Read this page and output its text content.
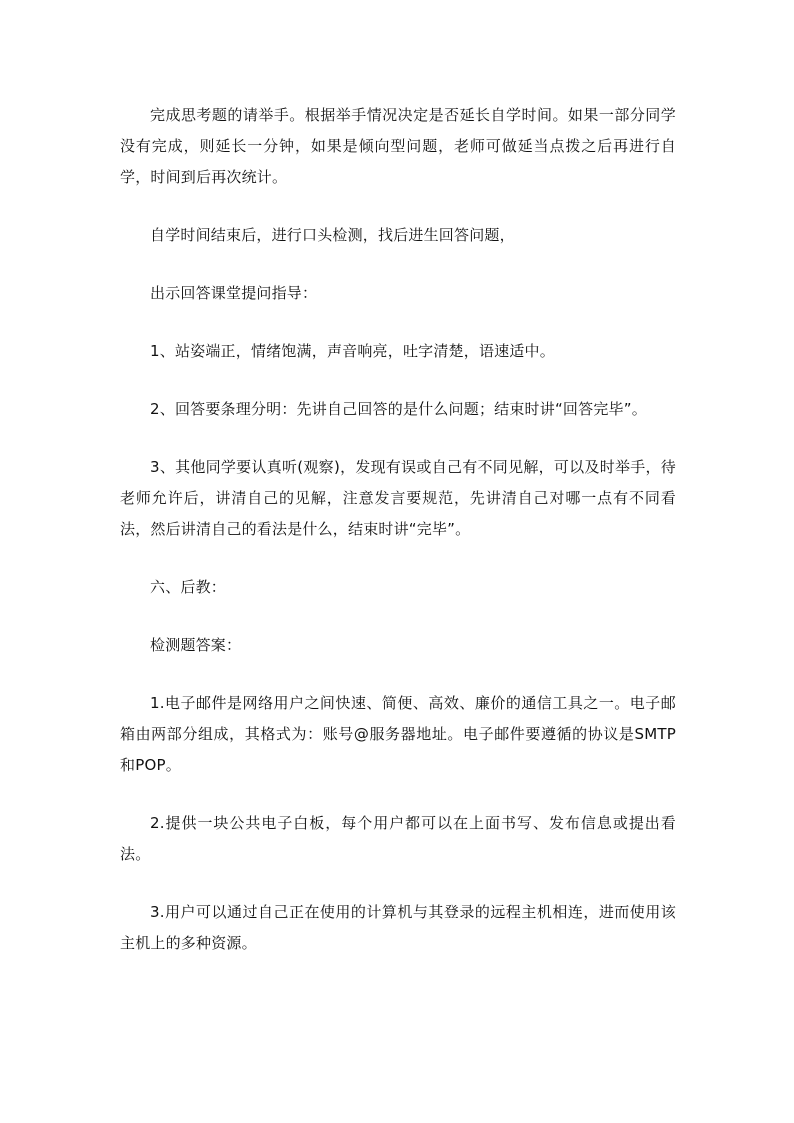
完成思考题的请举手。根据举手情况决定是否延长自学时间。如果一部分同学没有完成，则延长一分钟，如果是倾向型问题，老师可做延当点拨之后再进行自学，时间到后再次统计。

自学时间结束后，进行口头检测，找后进生回答问题，

出示回答课堂提问指导：

1、站姿端正，情绪饱满，声音响亮，吐字清楚，语速适中。

2、回答要条理分明：先讲自己回答的是什么问题；结束时讲“回答完毕”。

3、其他同学要认真听(观察)，发现有误或自己有不同见解，可以及时举手，待老师允许后，讲清自己的见解，注意发言要规范，先讲清自己对哪一点有不同看法，然后讲清自己的看法是什么，结束时讲“完毕”。

六、后教：

检测题答案：

1.电子邮件是网络用户之间快速、简便、高效、廉价的通信工具之一。电子邮箱由两部分组成，其格式为：账号@服务器地址。电子邮件要遵循的协议是SMTP和POP。

2.提供一块公共电子白板，每个用户都可以在上面书写、发布信息或提出看法。

3.用户可以通过自己正在使用的计算机与其登录的远程主机相连，进而使用该主机上的多种资源。
